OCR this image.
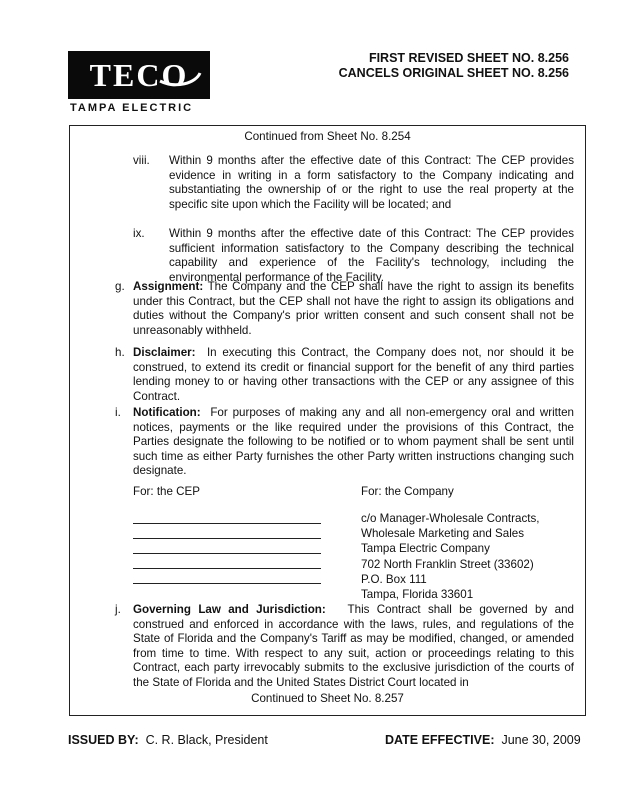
TECO
TAMPA ELECTRIC
FIRST REVISED SHEET NO. 8.256
CANCELS ORIGINAL SHEET NO. 8.256
Continued from Sheet No. 8.254
viii. Within 9 months after the effective date of this Contract: The CEP provides evidence in writing in a form satisfactory to the Company indicating and substantiating the ownership of or the right to use the real property at the specific site upon which the Facility will be located; and
ix. Within 9 months after the effective date of this Contract: The CEP provides sufficient information satisfactory to the Company describing the technical capability and experience of the Facility's technology, including the environmental performance of the Facility.
g. Assignment: The Company and the CEP shall have the right to assign its benefits under this Contract, but the CEP shall not have the right to assign its obligations and duties without the Company's prior written consent and such consent shall not be unreasonably withheld.
h. Disclaimer: In executing this Contract, the Company does not, nor should it be construed, to extend its credit or financial support for the benefit of any third parties lending money to or having other transactions with the CEP or any assignee of this Contract.
i. Notification: For purposes of making any and all non-emergency oral and written notices, payments or the like required under the provisions of this Contract, the Parties designate the following to be notified or to whom payment shall be sent until such time as either Party furnishes the other Party written instructions changing such designate.
For: the CEP	For: the Company
c/o Manager-Wholesale Contracts,
Wholesale Marketing and Sales
Tampa Electric Company
702 North Franklin Street (33602)
P.O. Box 111
Tampa, Florida 33601
j. Governing Law and Jurisdiction: This Contract shall be governed by and construed and enforced in accordance with the laws, rules, and regulations of the State of Florida and the Company's Tariff as may be modified, changed, or amended from time to time. With respect to any suit, action or proceedings relating to this Contract, each party irrevocably submits to the exclusive jurisdiction of the courts of the State of Florida and the United States District Court located in
Continued to Sheet No. 8.257
ISSUED BY: C. R. Black, President	DATE EFFECTIVE: June 30, 2009
